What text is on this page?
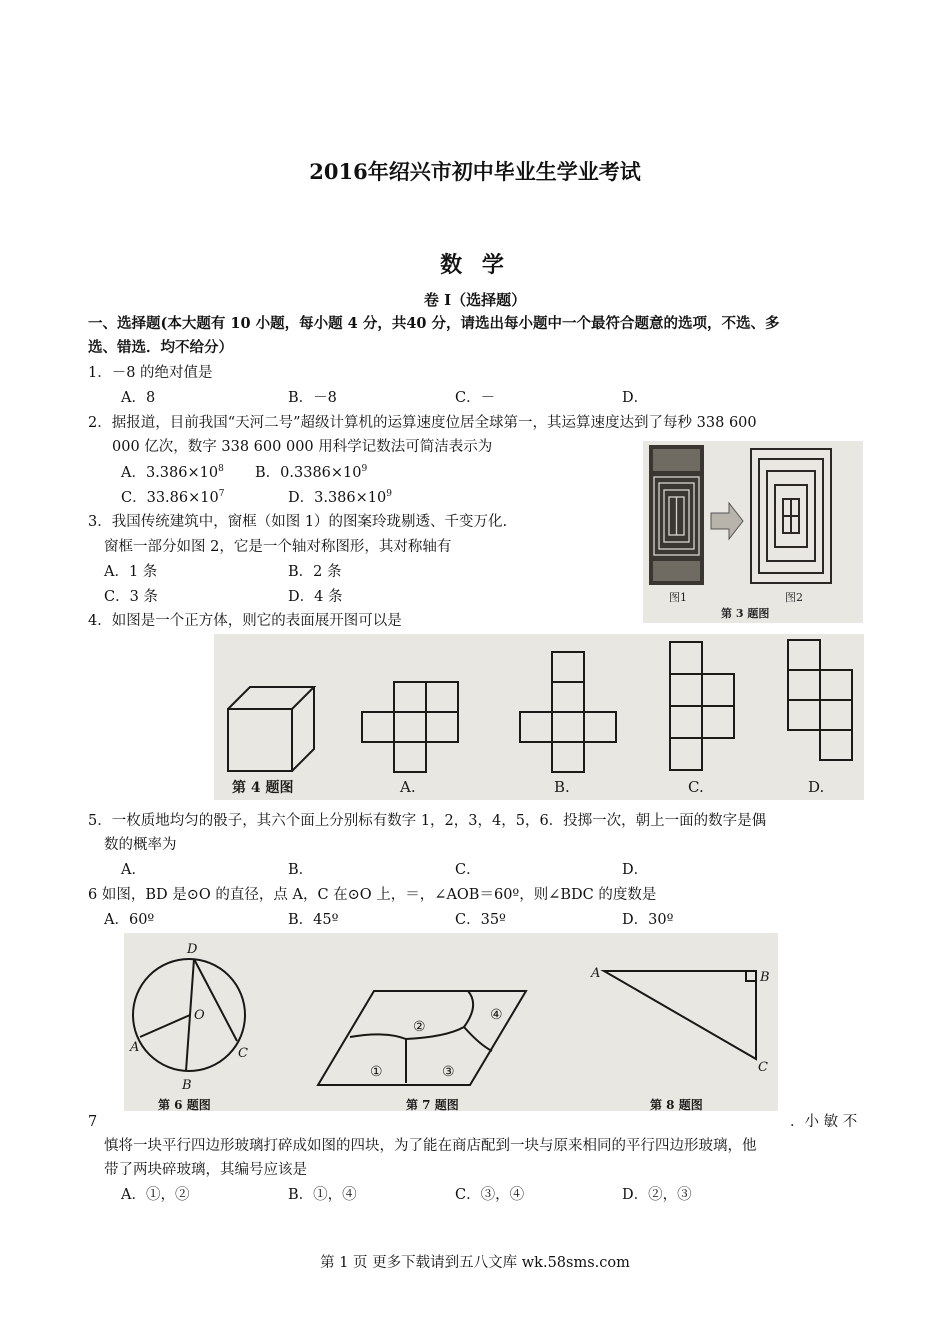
2016年绍兴市初中毕业生学业考试
数 学
卷 I（选择题）
一、选择题(本大题有 10 小题，每小题 4 分，共40 分，请选出每小题中一个最符合题意的选项，不选、多
选、错选．均不给分）
1．－8 的绝对值是
A．8	B．－8	C．－	D．
2．据报道，目前我国“天河二号”超级计算机的运算速度位居全球第一，其运算速度达到了每秒 338 600
000 亿次，数字 338 600 000 用科学记数法可简洁表示为
A．$3.386\times 10^8$ B．$0.3386\times 10^9$
C．$33.86\times 10^7$	D．$3.386\times 10^9$
图1	图2
第 3 题图
3．我国传统建筑中，窗框（如图 1）的图案玲珑剔透、千变万化.
窗框一部分如图 2，它是一个轴对称图形，其对称轴有
A．1 条	B．2 条
C．3 条	D．4 条
4．如图是一个正方体，则它的表面展开图可以是
第 4 题图	A.	B.	C.	D.
5．一枚质地均匀的骰子，其六个面上分别标有数字 1，2，3，4，5，6．投掷一次，朝上一面的数字是偶
数的概率为
A．	B．	C．	D．
6 如图，BD 是⊙O 的直径，点 A，C 在⊙O 上，＝，∠AOB＝60º，则∠BDC 的度数是
A．60º	B．45º	C．35º	D．30º
D
O
A	C
B
第 6 题图
②
④
①	③
第 7 题图
A	B
C
第 8 题图
7	．小 敏 不
慎将一块平行四边形玻璃打碎成如图的四块，为了能在商店配到一块与原来相同的平行四边形玻璃，他
带了两块碎玻璃，其编号应该是
A．①，②	B．①，④	C．③，④	D．②，③
第 1 页 更多下载请到五八文库 wk.58sms.com
